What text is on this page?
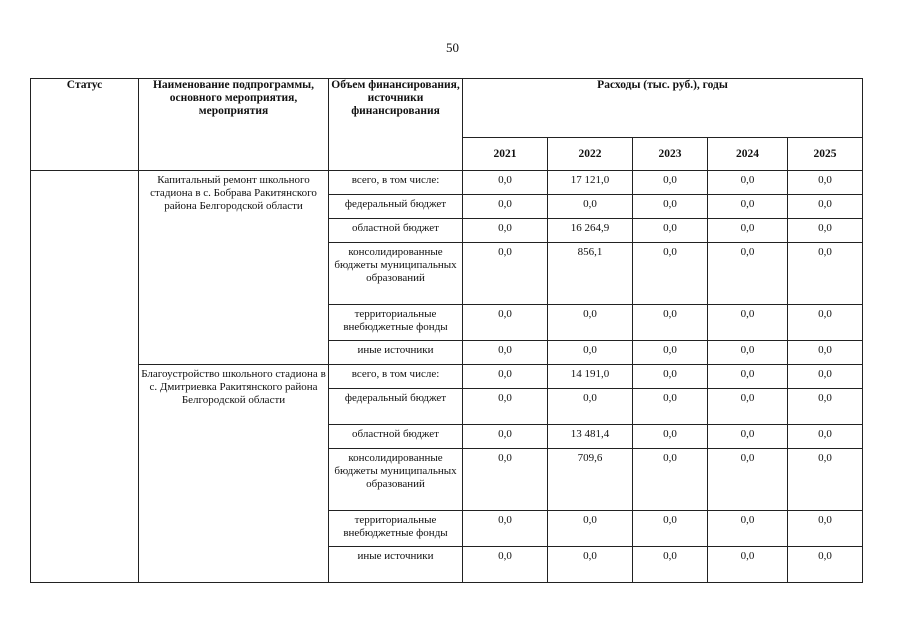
50
Статус	Наименование подпрограммы, основного мероприятия, мероприятия	Объем финансирования, источники финансирования	Расходы (тыс. руб.), годы				
			2021	2022	2023	2024	2025
	Капитальный ремонт школьного стадиона в с. Бобрава Ракитянского района Белгородской области	всего, в том числе:	0,0	17 121,0	0,0	0,0	0,0
		федеральный бюджет	0,0	0,0	0,0	0,0	0,0
		областной бюджет	0,0	16 264,9	0,0	0,0	0,0
		консолидированные бюджеты муниципальных образований	0,0	856,1	0,0	0,0	0,0
		территориальные внебюджетные фонды	0,0	0,0	0,0	0,0	0,0
		иные источники	0,0	0,0	0,0	0,0	0,0
	Благоустройство школьного стадиона в с. Дмитриевка Ракитянского района Белгородской области	всего, в том числе:	0,0	14 191,0	0,0	0,0	0,0
		федеральный бюджет	0,0	0,0	0,0	0,0	0,0
		областной бюджет	0,0	13 481,4	0,0	0,0	0,0
		консолидированные бюджеты муниципальных образований	0,0	709,6	0,0	0,0	0,0
		территориальные внебюджетные фонды	0,0	0,0	0,0	0,0	0,0
		иные источники	0,0	0,0	0,0	0,0	0,0
